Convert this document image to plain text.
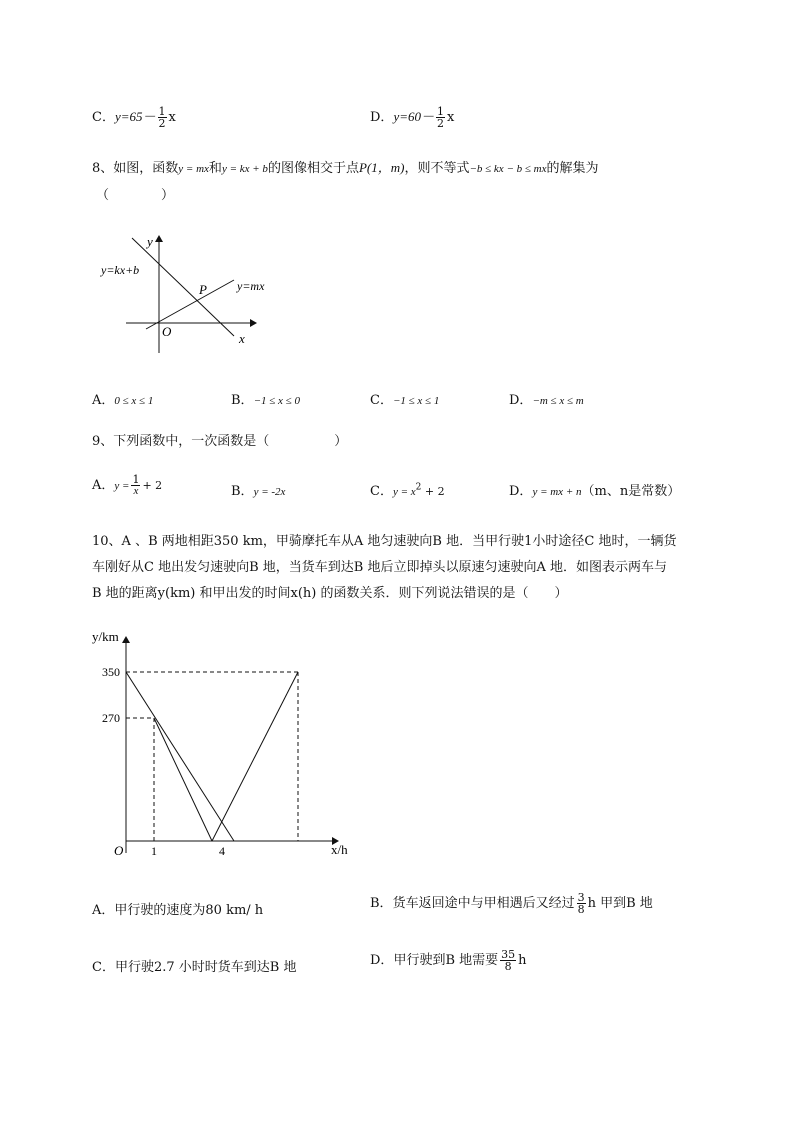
C．$y=65- \frac{1}{2}$ x	D．$y=60- \frac{1}{2}$ x
8、如图，函数y = mx和y = kx + b的图像相交于点P(1，m)，则不等式−b ≤ kx − b ≤ mx的解集为
（　　　　）
y
x
O
P
y=kx+b
y=mx
A．0 ≤ x ≤ 1	B．−1 ≤ x ≤ 0	C．−1 ≤ x ≤ 1	D．−m ≤ x ≤ m
9、下列函数中，一次函数是（　　　　　）
A．$y = \frac{1}{x} + 2$	B．y = -2x	C．$y = x^2 + 2$	D．y = mx + n（m、n是常数）
10、A 、B 两地相距350 km，甲骑摩托车从A 地匀速驶向B 地．当甲行驶1小时途径C 地时，一辆货
车刚好从C 地出发匀速驶向B 地，当货车到达B 地后立即掉头以原速匀速驶向A 地．如图表示两车与
B 地的距离y(km) 和甲出发的时间x(h) 的函数关系．则下列说法错误的是（　　）
y/km
x/h
350
270
O 1	4
A．甲行驶的速度为80 km/ h	B．货车返回途中与甲相遇后又经过 $\frac{3}{8}$ h 甲到B 地
C．甲行驶2.7 小时时货车到达B 地	D．甲行驶到B 地需要 $\frac{35}{8}$ h
